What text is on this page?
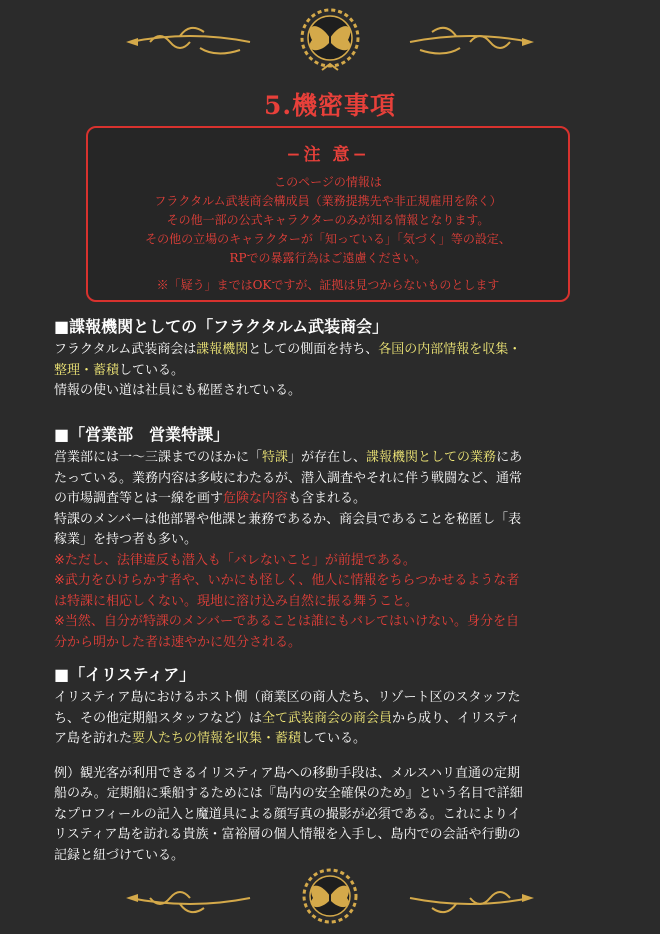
5.機密事項
−注 意−
このページの情報は
フラクタルム武装商会構成員（業務提携先や非正規雇用を除く）
その他一部の公式キャラクターのみが知る情報となります。
その他の立場のキャラクターが「知っている」「気づく」等の設定、
RPでの暴露行為はご遠慮ください。
※「疑う」まではOKですが、証拠は見つからないものとします
■諜報機関としての「フラクタルム武装商会」

フラクタルム武装商会は諜報機関としての側面を持ち、各国の内部情報を収集・

整理・蓄積している。

情報の使い道は社員にも秘匿されている。

■「営業部　営業特課」

営業部には一～三課までのほかに「特課」が存在し、諜報機関としての業務にあ

たっている。業務内容は多岐にわたるが、潜入調査やそれに伴う戦闘など、通常

の市場調査等とは一線を画す危険な内容も含まれる。

特課のメンバーは他部署や他課と兼務であるか、商会員であることを秘匿し「表

稼業」を持つ者も多い。

※ただし、法律違反も潜入も「バレないこと」が前提である。

※武力をひけらかす者や、いかにも怪しく、他人に情報をちらつかせるような者

は特課に相応しくない。現地に溶け込み自然に振る舞うこと。

※当然、自分が特課のメンバーであることは誰にもバレてはいけない。身分を自

分から明かした者は速やかに処分される。

■「イリスティア」

イリスティア島におけるホスト側（商業区の商人たち、リゾート区のスタッフた

ち、その他定期船スタッフなど）は全て武装商会の商会員から成り、イリスティ

ア島を訪れた要人たちの情報を収集・蓄積している。

例）観光客が利用できるイリスティア島への移動手段は、メルスハリ直通の定期

船のみ。定期船に乗船するためには『島内の安全確保のため』という名目で詳細

なプロフィールの記入と魔道具による顔写真の撮影が必須である。これによりイ

リスティア島を訪れる貴族・富裕層の個人情報を入手し、島内での会話や行動の

記録と紐づけている。
